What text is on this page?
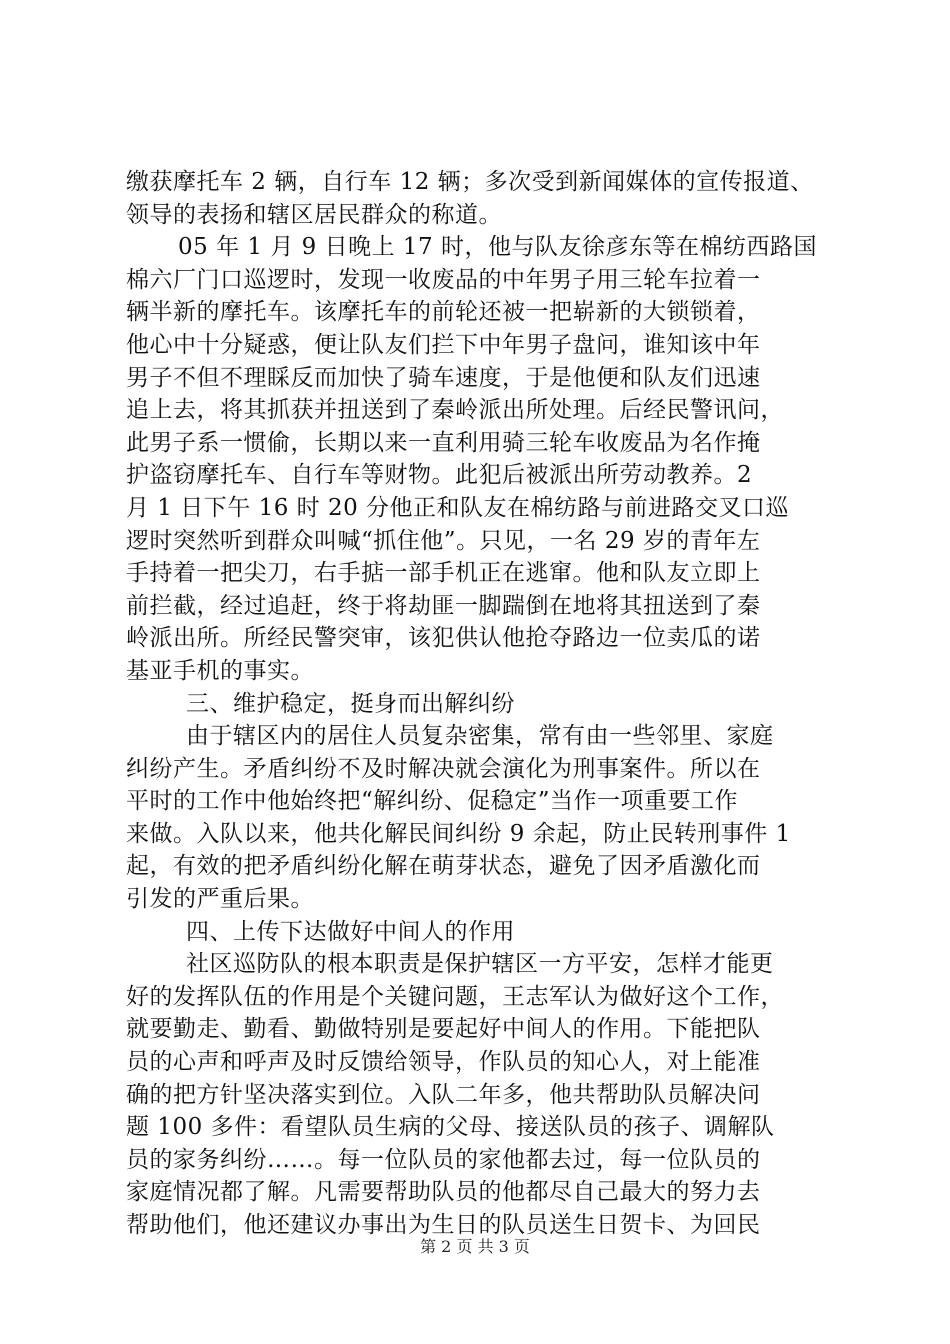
缴获摩托车 2 辆，自行车 12 辆；多次受到新闻媒体的宣传报道、
领导的表扬和辖区居民群众的称道。
05 年 1 月 9 日晚上 17 时，他与队友徐彦东等在棉纺西路国
棉六厂门口巡逻时，发现一收废品的中年男子用三轮车拉着一
辆半新的摩托车。该摩托车的前轮还被一把崭新的大锁锁着，
他心中十分疑惑，便让队友们拦下中年男子盘问，谁知该中年
男子不但不理睬反而加快了骑车速度，于是他便和队友们迅速
追上去，将其抓获并扭送到了秦岭派出所处理。后经民警讯问，
此男子系一惯偷，长期以来一直利用骑三轮车收废品为名作掩
护盗窃摩托车、自行车等财物。此犯后被派出所劳动教养。2
月 1 日下午 16 时 20 分他正和队友在棉纺路与前进路交叉口巡
逻时突然听到群众叫喊“抓住他”。只见，一名 29 岁的青年左
手持着一把尖刀，右手掂一部手机正在逃窜。他和队友立即上
前拦截，经过追赶，终于将劫匪一脚踹倒在地将其扭送到了秦
岭派出所。所经民警突审，该犯供认他抢夺路边一位卖瓜的诺
基亚手机的事实。
三、维护稳定，挺身而出解纠纷
由于辖区内的居住人员复杂密集，常有由一些邻里、家庭
纠纷产生。矛盾纠纷不及时解决就会演化为刑事案件。所以在
平时的工作中他始终把“解纠纷、促稳定”当作一项重要工作
来做。入队以来，他共化解民间纠纷 9 余起，防止民转刑事件 1
起，有效的把矛盾纠纷化解在萌芽状态，避免了因矛盾激化而
引发的严重后果。
四、上传下达做好中间人的作用
社区巡防队的根本职责是保护辖区一方平安，怎样才能更
好的发挥队伍的作用是个关键问题，王志军认为做好这个工作，
就要勤走、勤看、勤做特别是要起好中间人的作用。下能把队
员的心声和呼声及时反馈给领导，作队员的知心人，对上能准
确的把方针坚决落实到位。入队二年多，他共帮助队员解决问
题 100 多件：看望队员生病的父母、接送队员的孩子、调解队
员的家务纠纷……。每一位队员的家他都去过，每一位队员的
家庭情况都了解。凡需要帮助队员的他都尽自己最大的努力去
帮助他们，他还建议办事出为生日的队员送生日贺卡、为回民
第 2 页 共 3 页
